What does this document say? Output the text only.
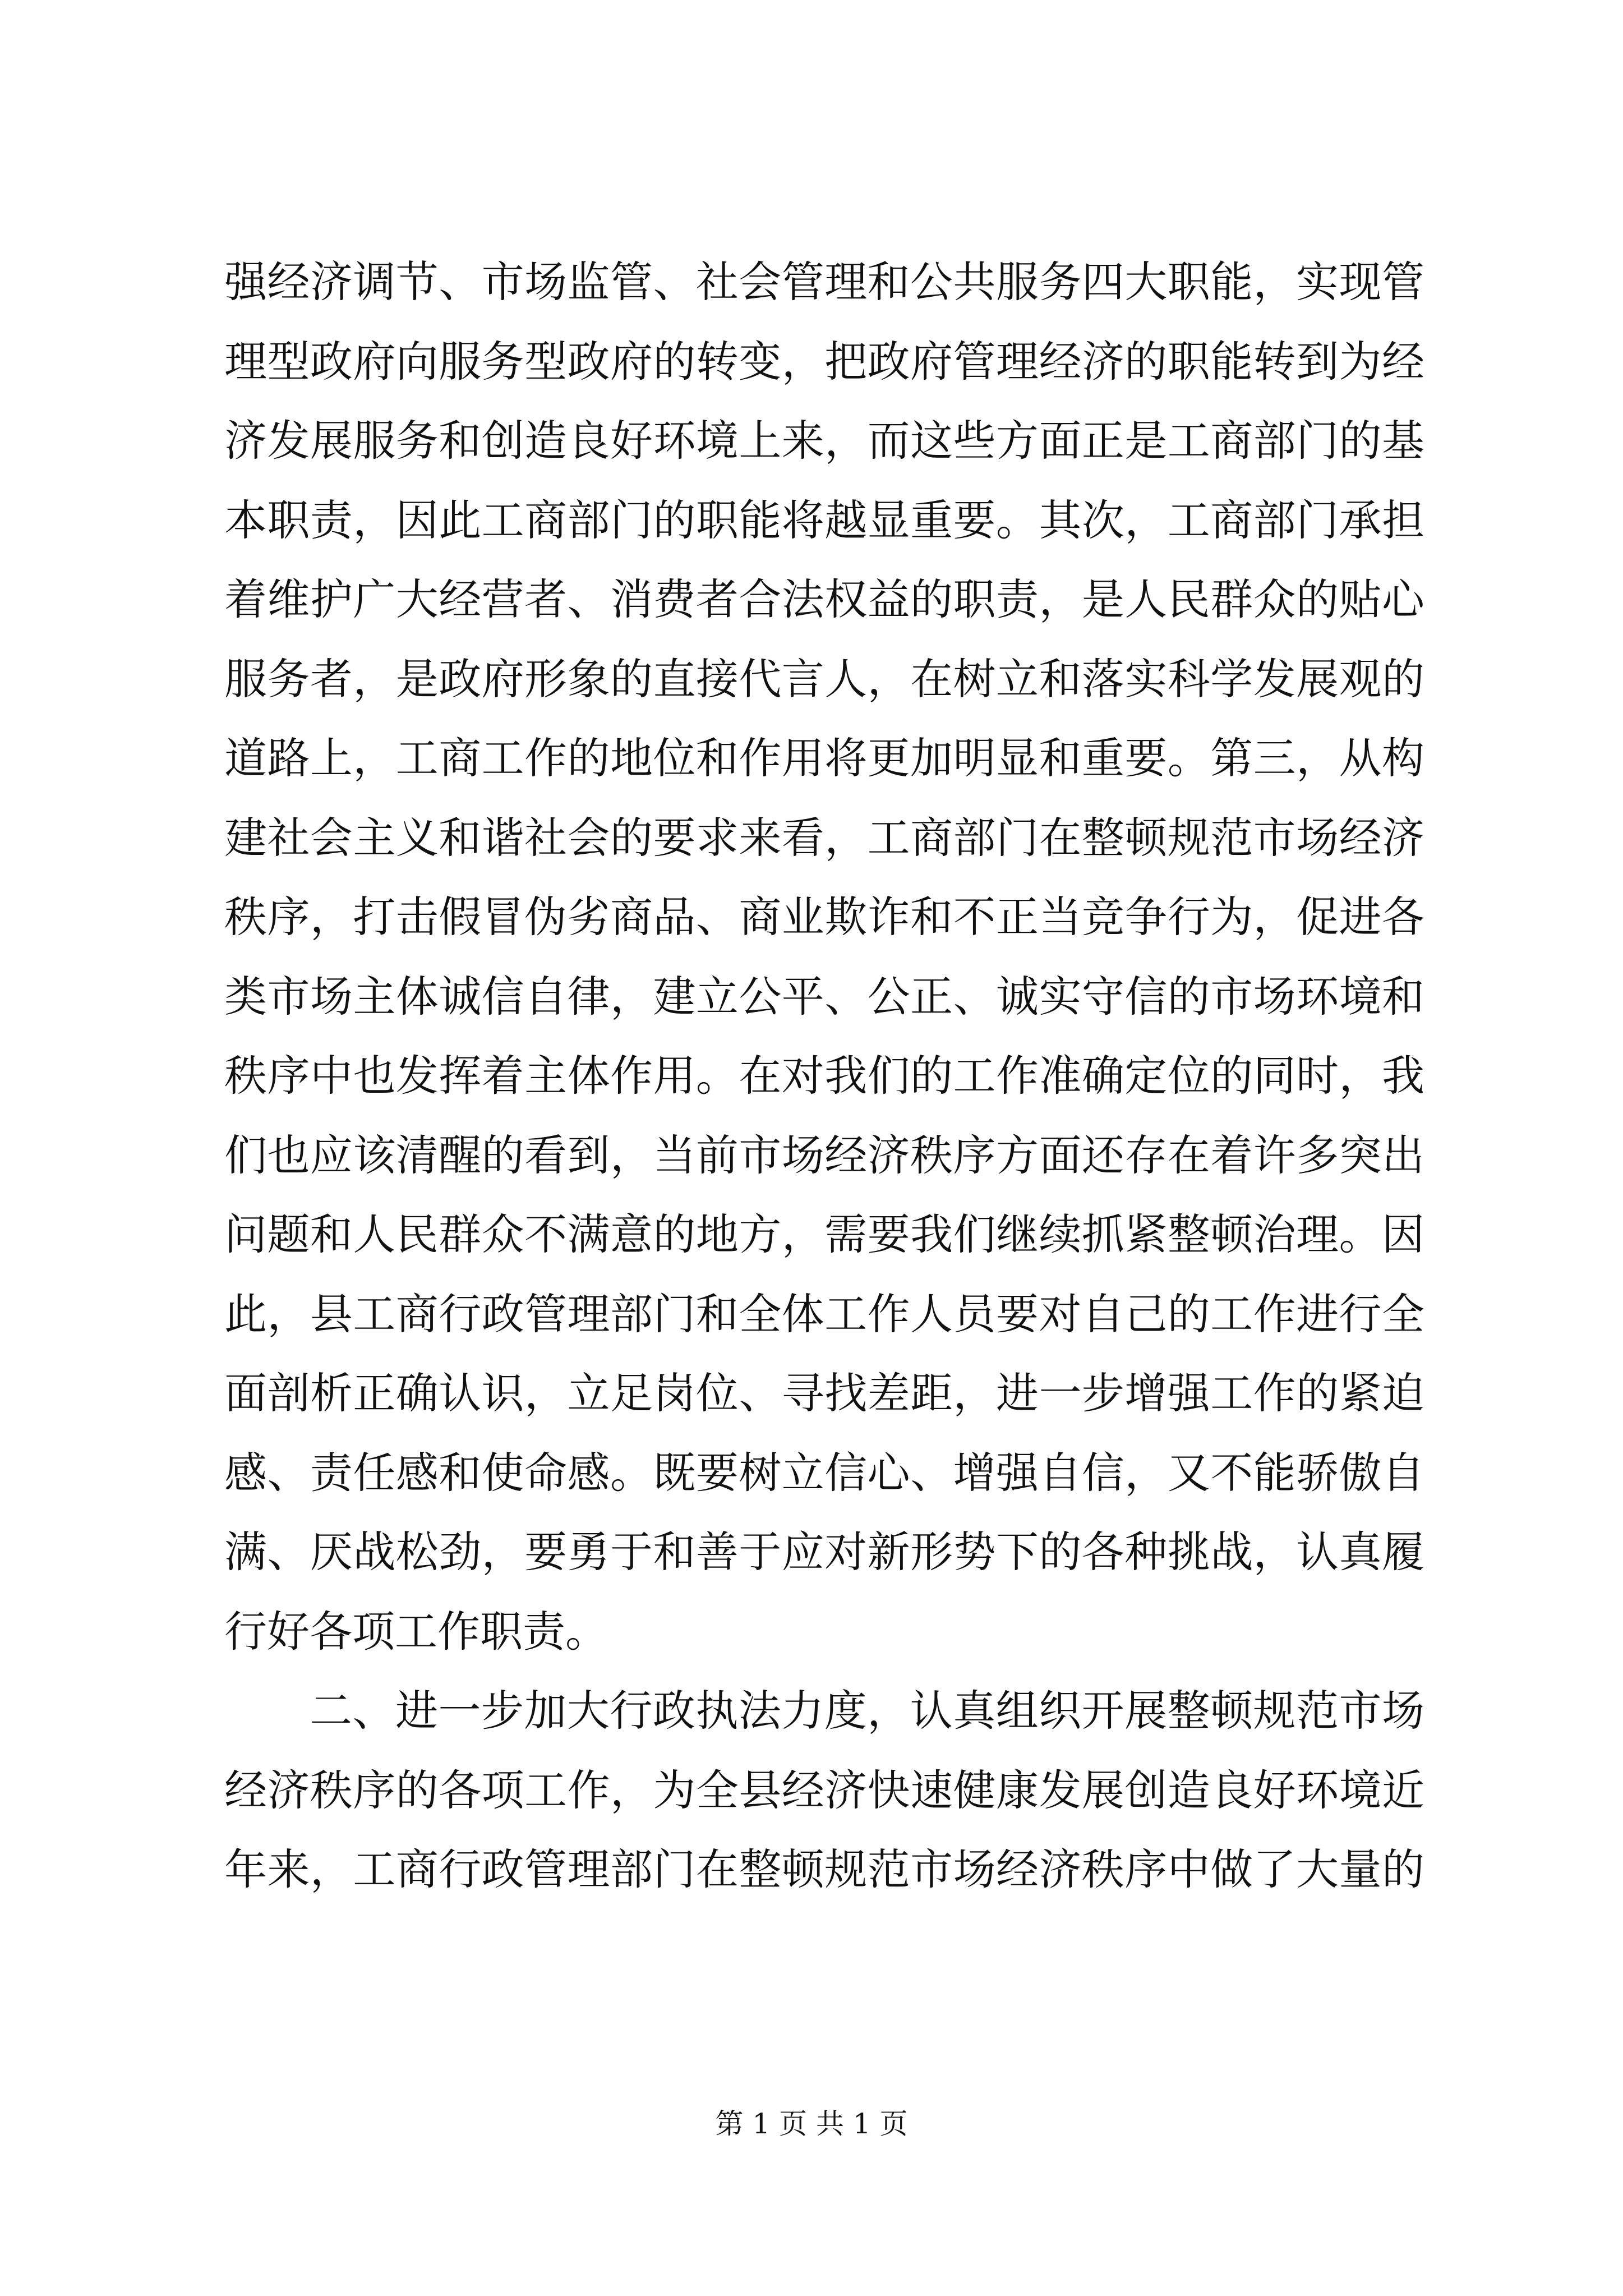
强经济调节、市场监管、社会管理和公共服务四大职能，实现管
理型政府向服务型政府的转变，把政府管理经济的职能转到为经
济发展服务和创造良好环境上来，而这些方面正是工商部门的基
本职责，因此工商部门的职能将越显重要。其次，工商部门承担
着维护广大经营者、消费者合法权益的职责，是人民群众的贴心
服务者，是政府形象的直接代言人，在树立和落实科学发展观的
道路上，工商工作的地位和作用将更加明显和重要。第三，从构
建社会主义和谐社会的要求来看，工商部门在整顿规范市场经济
秩序，打击假冒伪劣商品、商业欺诈和不正当竞争行为，促进各
类市场主体诚信自律，建立公平、公正、诚实守信的市场环境和
秩序中也发挥着主体作用。在对我们的工作准确定位的同时，我
们也应该清醒的看到，当前市场经济秩序方面还存在着许多突出
问题和人民群众不满意的地方，需要我们继续抓紧整顿治理。因
此，县工商行政管理部门和全体工作人员要对自己的工作进行全
面剖析正确认识，立足岗位、寻找差距，进一步增强工作的紧迫
感、责任感和使命感。既要树立信心、增强自信，又不能骄傲自
满、厌战松劲，要勇于和善于应对新形势下的各种挑战，认真履
行好各项工作职责。
二、进一步加大行政执法力度，认真组织开展整顿规范市场
经济秩序的各项工作，为全县经济快速健康发展创造良好环境近
年来，工商行政管理部门在整顿规范市场经济秩序中做了大量的
第 1 页 共 1 页
